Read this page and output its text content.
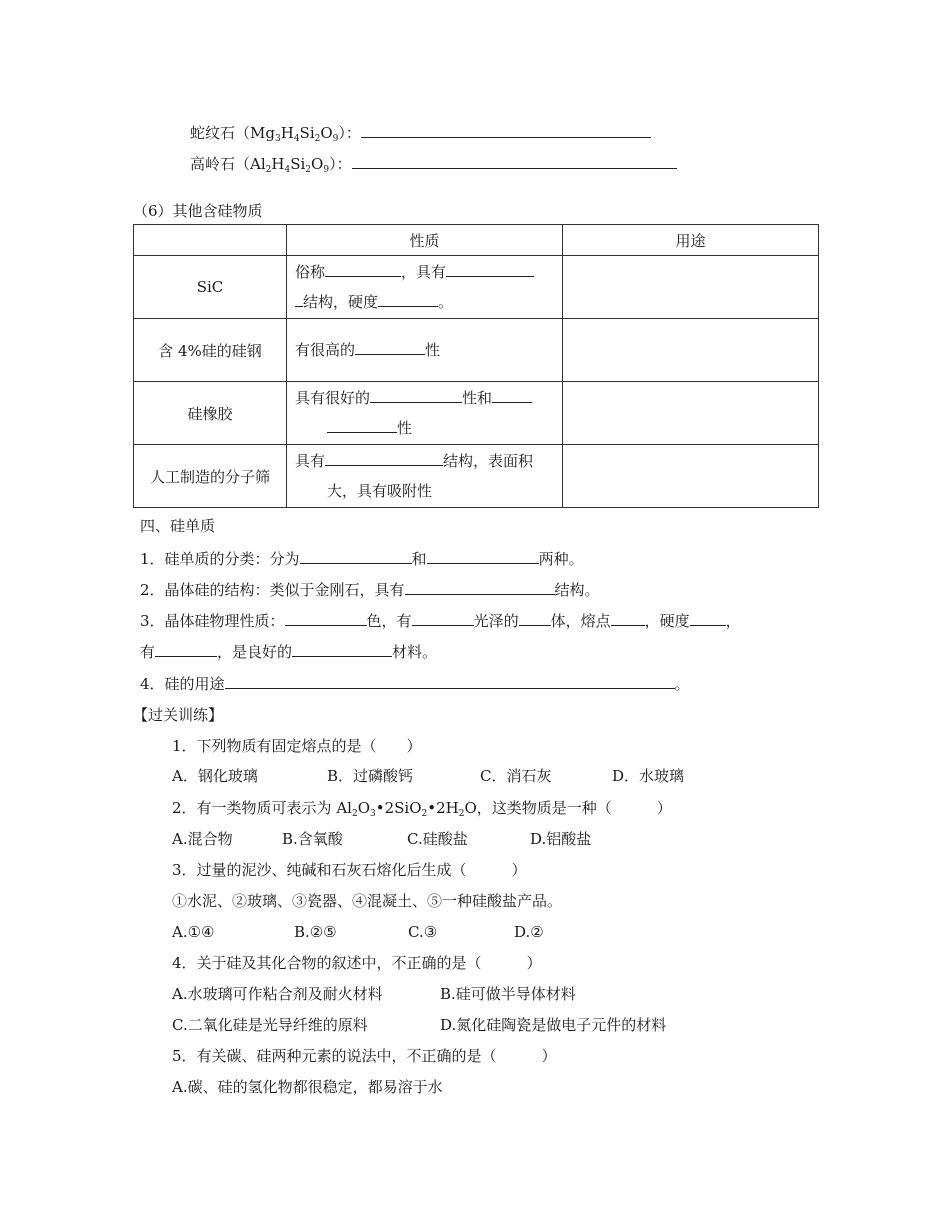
蛇纹石$(Mg_3H_4Si_2O_9)$：
高岭石$(Al_2H_4Si_2O_9)$：
（6）其他含硅物质
	性质	用途
SiC	俗称 ，具有
结构，硬度 。	
含 4%硅的硅钢	有很高的 性	
硅橡胶	具有很好的 性和
性	
人工制造的分子筛	具有 结构，表面积
大，具有吸附性	
四、硅单质
1．硅单质的分类：分为	和	两种。
2．晶体硅的结构：类似于金刚石，具有	结构。
3．晶体硅物理性质：	色，有	光泽的 体，熔点 ，硬度 ，
有	，是良好的	材料。
4．硅的用途	。
【过关训练】
1．下列物质有固定熔点的是（　　）
A．钢化玻璃	B．过磷酸钙	C．消石灰	D．水玻璃
2．有一类物质可表示为 $Al_2O_3•2SiO_2•2H_2O$，这类物质是一种（　　　）
A.混合物	B.含氧酸	C.硅酸盐	D.铝酸盐
3．过量的泥沙、纯碱和石灰石熔化后生成（　　　）
①水泥、②玻璃、③瓷器、④混凝土、⑤一种硅酸盐产品。
A.①④	B.②⑤	C.③	D.②
4．关于硅及其化合物的叙述中，不正确的是（　　　）
A.水玻璃可作粘合剂及耐火材料	B.硅可做半导体材料
C.二氧化硅是光导纤维的原料	D.氮化硅陶瓷是做电子元件的材料
5．有关碳、硅两种元素的说法中，不正确的是（　　　）
A.碳、硅的氢化物都很稳定，都易溶于水
